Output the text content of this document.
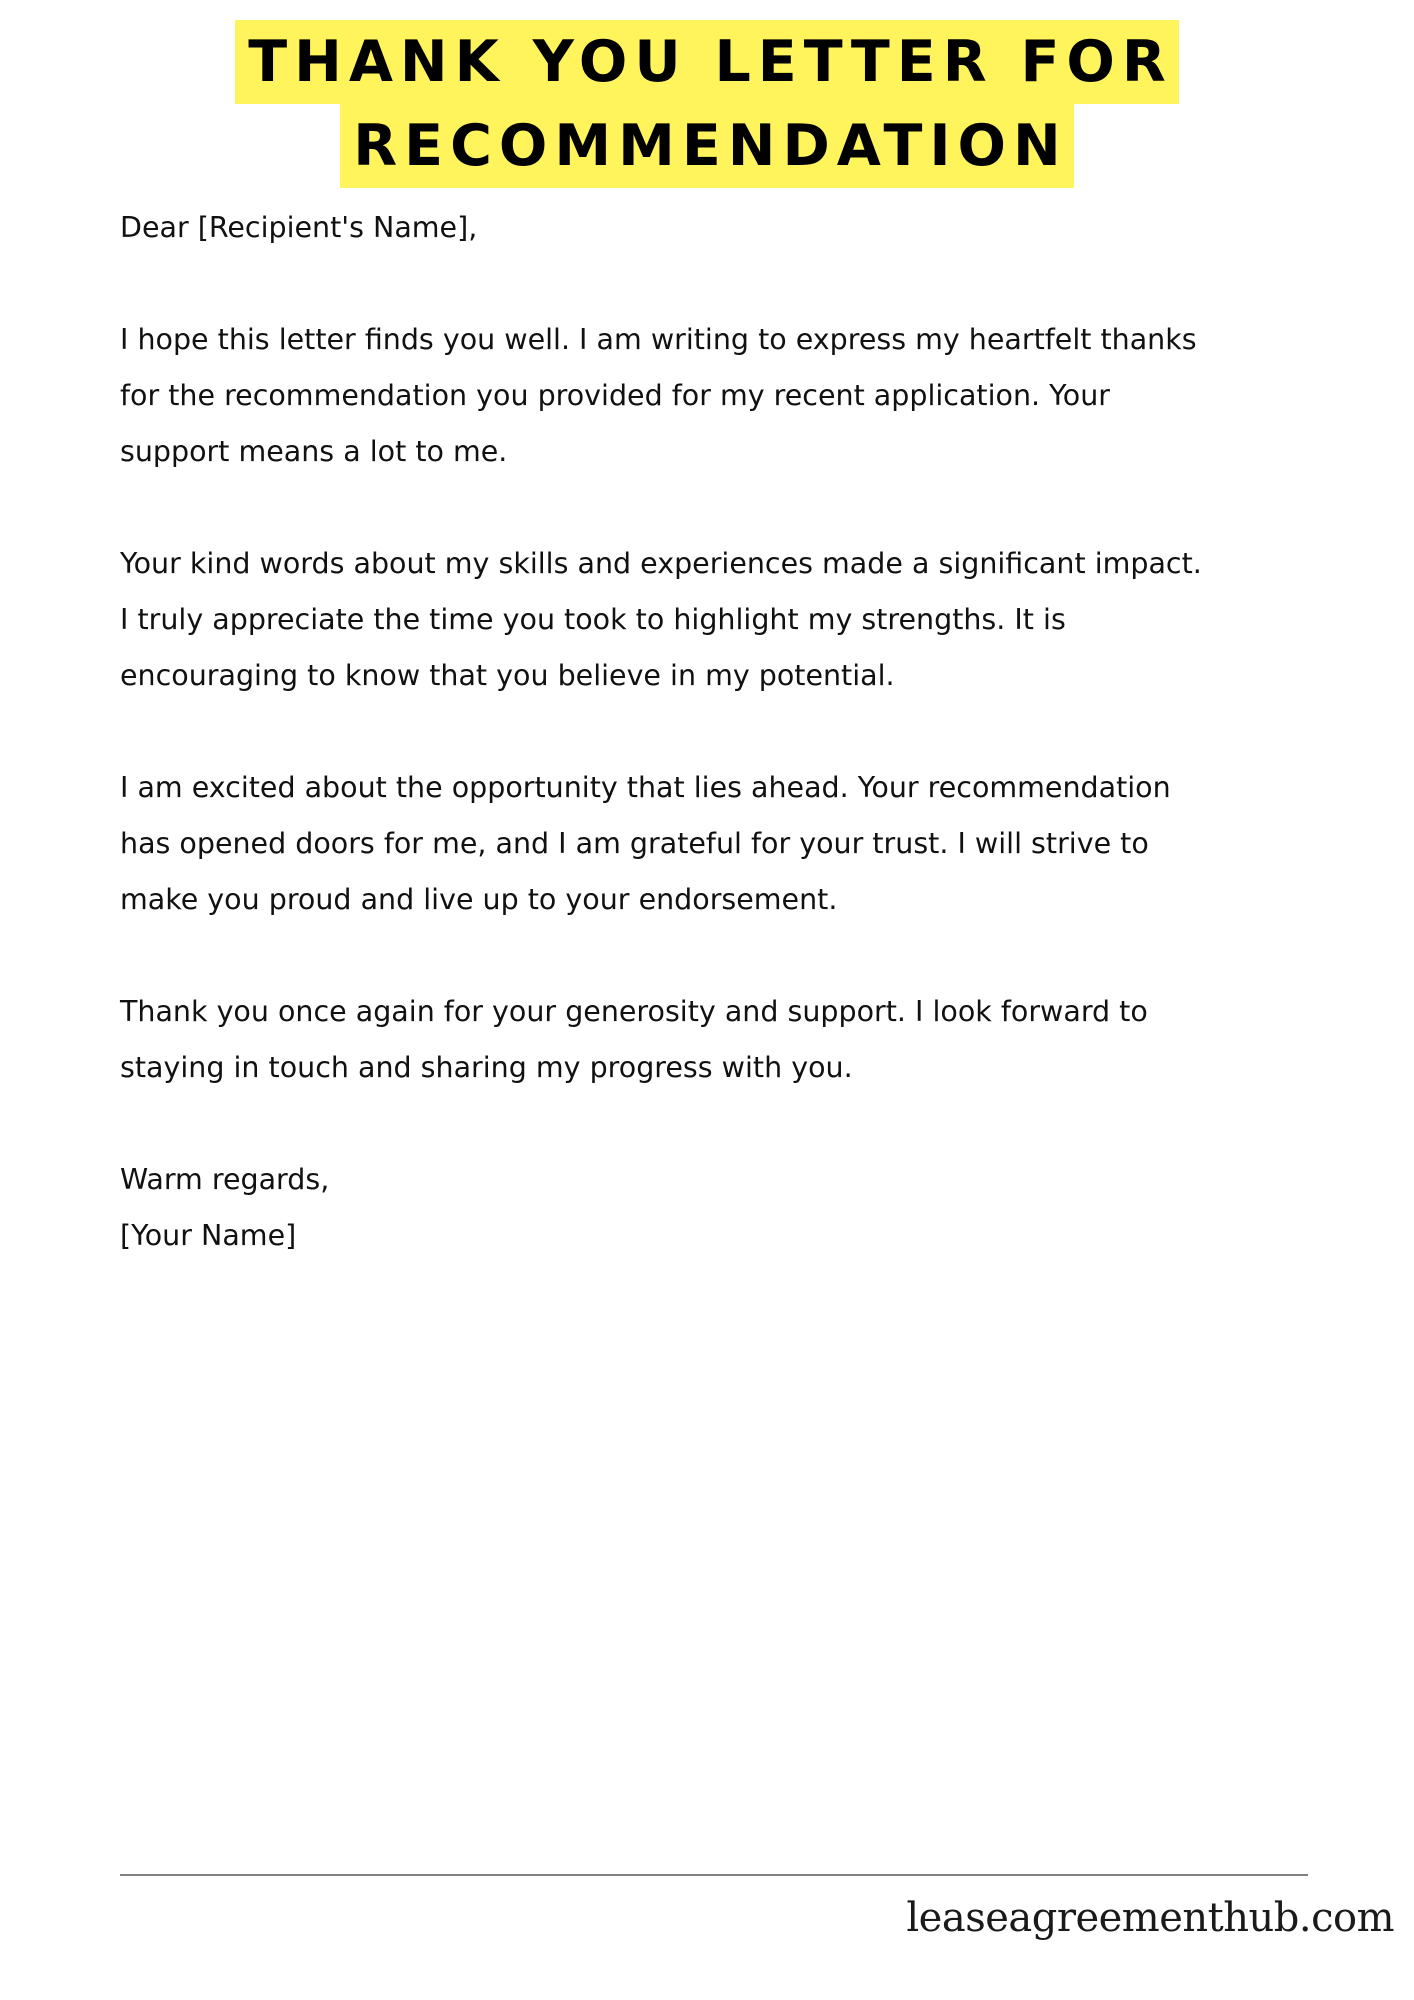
THANK YOU LETTER FOR
RECOMMENDATION

Dear [Recipient's Name],

I hope this letter finds you well. I am writing to express my heartfelt thanks

for the recommendation you provided for my recent application. Your

support means a lot to me.

Your kind words about my skills and experiences made a significant impact.

I truly appreciate the time you took to highlight my strengths. It is

encouraging to know that you believe in my potential.

I am excited about the opportunity that lies ahead. Your recommendation

has opened doors for me, and I am grateful for your trust. I will strive to

make you proud and live up to your endorsement.

Thank you once again for your generosity and support. I look forward to

staying in touch and sharing my progress with you.

Warm regards,

[Your Name]

leaseagreementhub.com
